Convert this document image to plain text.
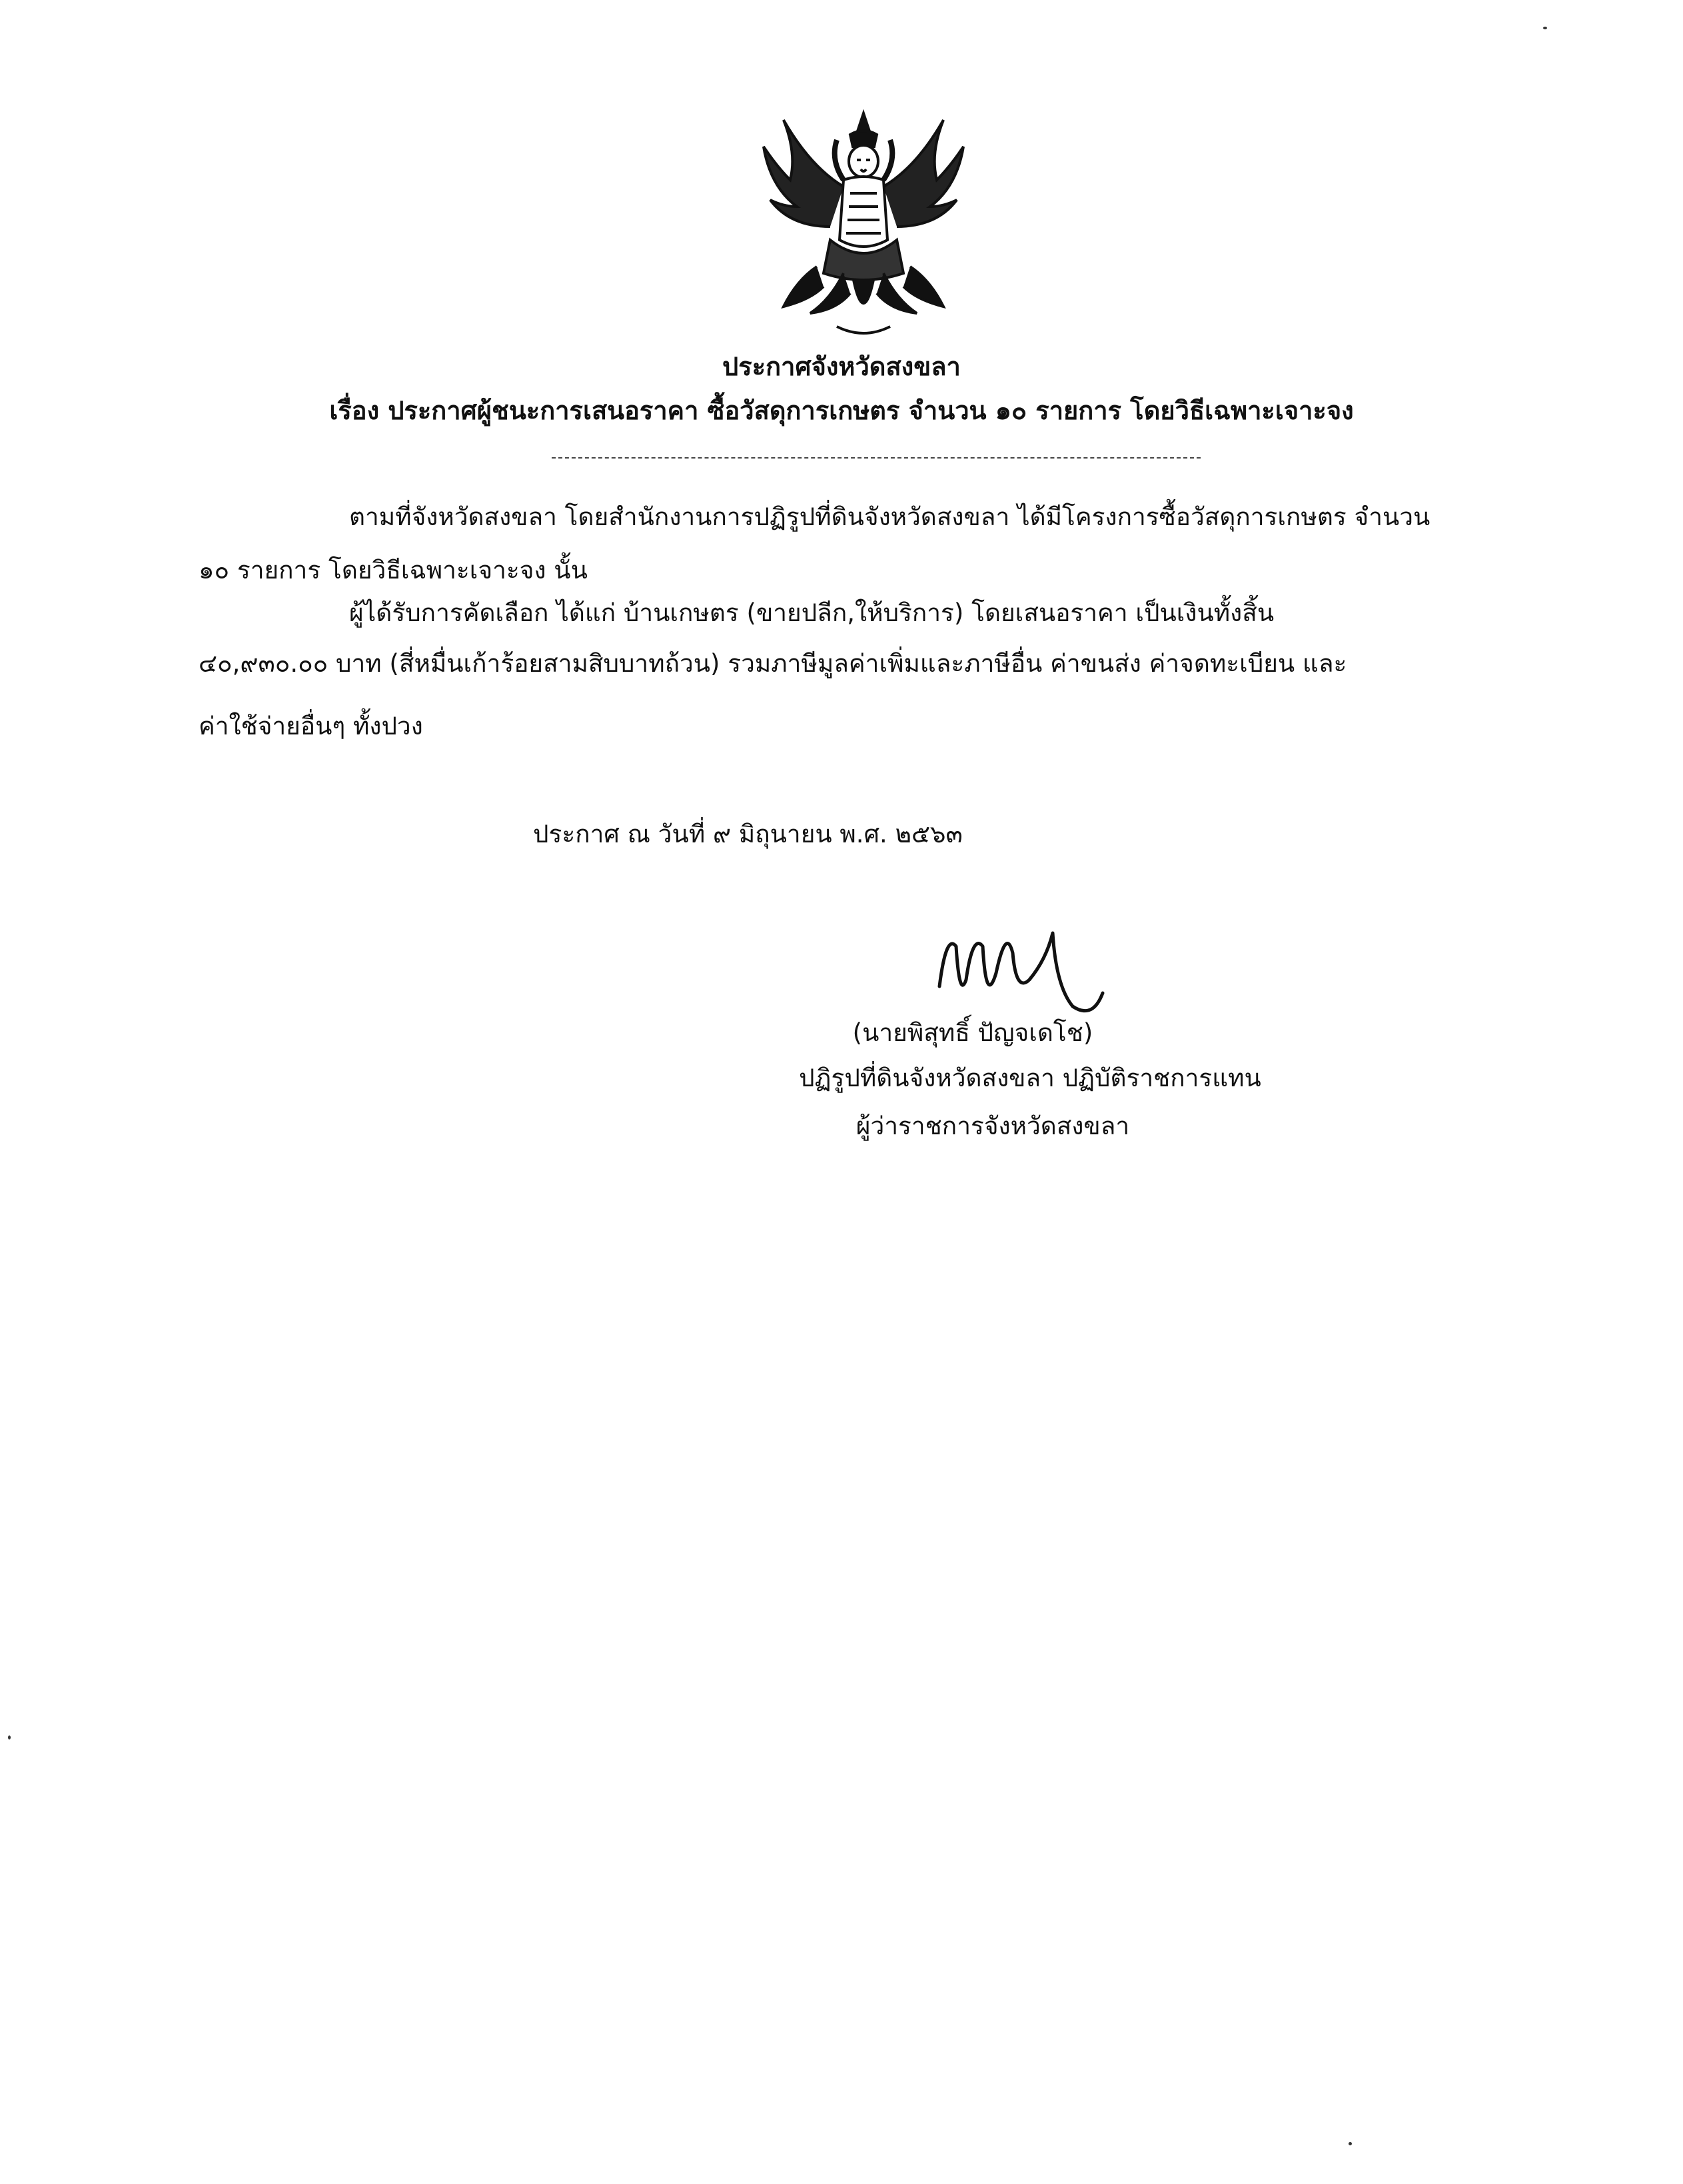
ประกาศจังหวัดสงขลา
เรื่อง ประกาศผู้ชนะการเสนอราคา ซื้อวัสดุการเกษตร จำนวน ๑๐ รายการ โดยวิธีเฉพาะเจาะจง
ตามที่จังหวัดสงขลา โดยสำนักงานการปฏิรูปที่ดินจังหวัดสงขลา ได้มีโครงการซื้อวัสดุการเกษตร จำนวน
๑๐ รายการ โดยวิธีเฉพาะเจาะจง นั้น
ผู้ได้รับการคัดเลือก ได้แก่ บ้านเกษตร (ขายปลีก,ให้บริการ) โดยเสนอราคา เป็นเงินทั้งสิ้น
๔๐,๙๓๐.๐๐ บาท (สี่หมื่นเก้าร้อยสามสิบบาทถ้วน) รวมภาษีมูลค่าเพิ่มและภาษีอื่น ค่าขนส่ง ค่าจดทะเบียน และ
ค่าใช้จ่ายอื่นๆ ทั้งปวง
ประกาศ ณ วันที่ ๙ มิถุนายน พ.ศ. ๒๕๖๓
(นายพิสุทธิ์ ปัญจเดโช)
ปฏิรูปที่ดินจังหวัดสงขลา ปฏิบัติราชการแทน
ผู้ว่าราชการจังหวัดสงขลา
